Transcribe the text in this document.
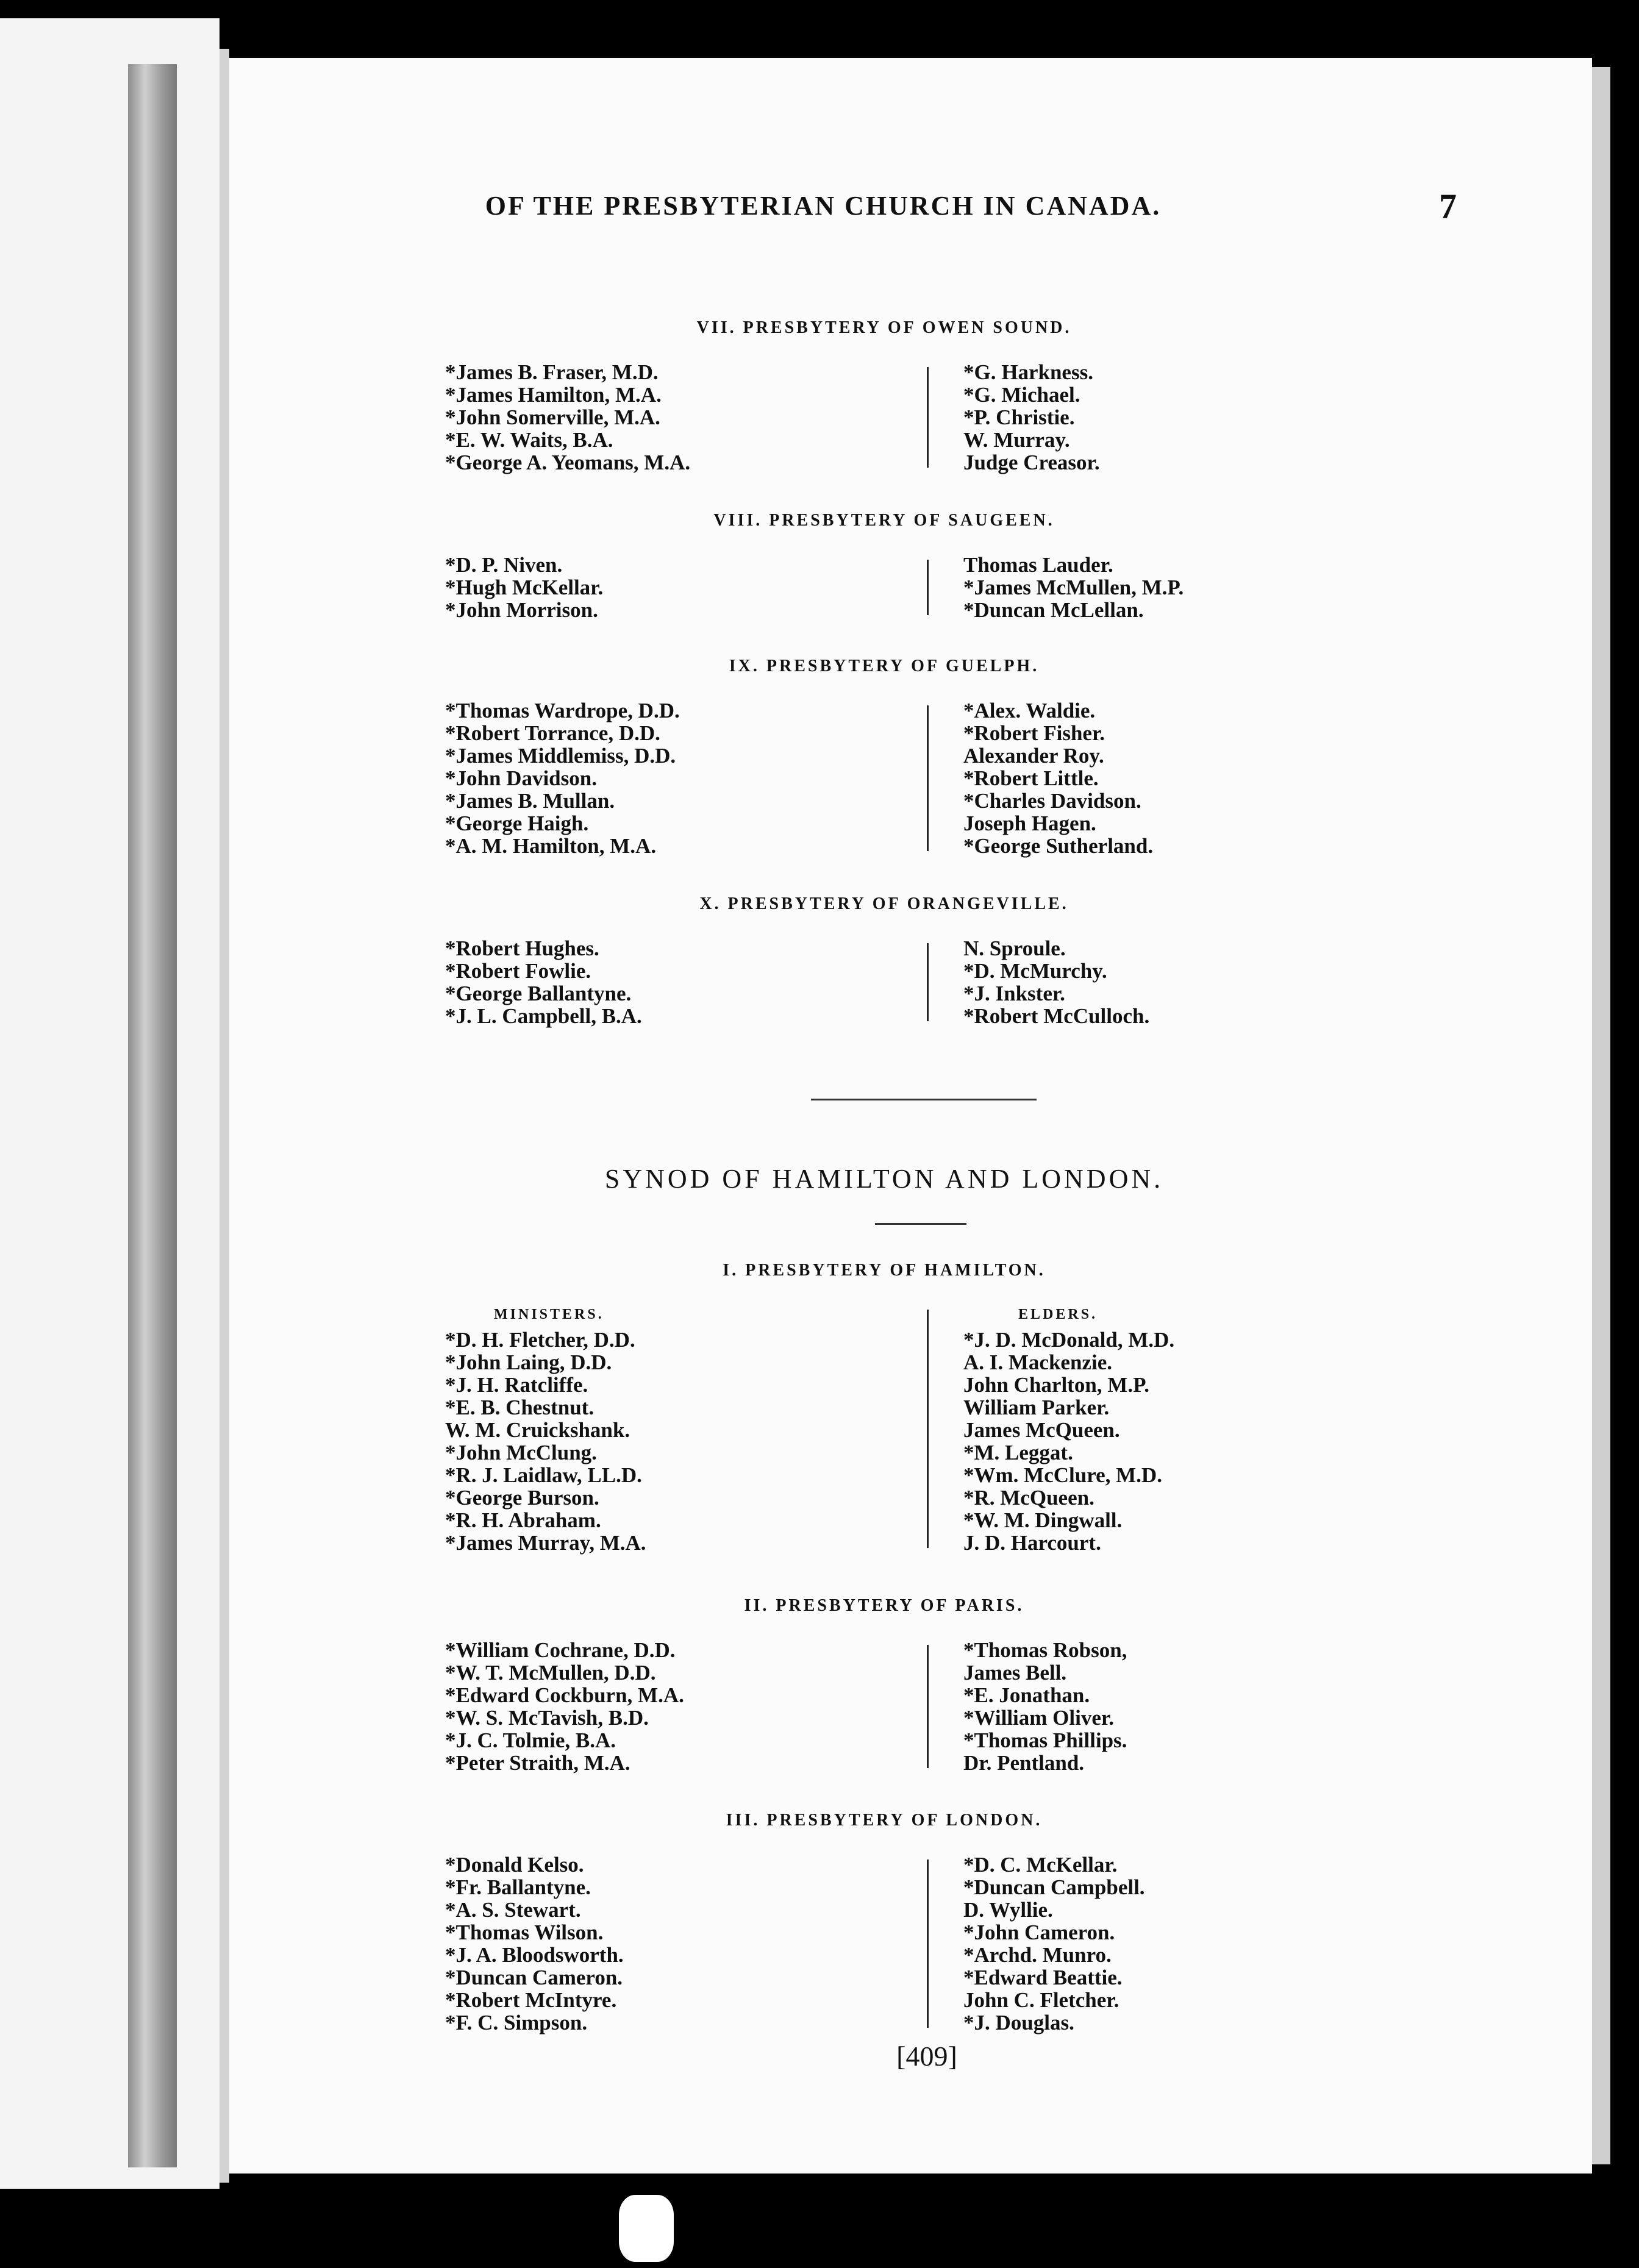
OF THE PRESBYTERIAN CHURCH IN CANADA.	7
VII. PRESBYTERY OF OWEN SOUND.
*James B. Fraser, M.D.
*James Hamilton, M.A.
*John Somerville, M.A.
*E. W. Waits, B.A.
*George A. Yeomans, M.A.
*G. Harkness.
*G. Michael.
*P. Christie.
W. Murray.
Judge Creasor.
VIII. PRESBYTERY OF SAUGEEN.
*D. P. Niven.
*Hugh McKellar.
*John Morrison.
Thomas Lauder.
*James McMullen, M.P.
*Duncan McLellan.
IX. PRESBYTERY OF GUELPH.
*Thomas Wardrope, D.D.
*Robert Torrance, D.D.
*James Middlemiss, D.D.
*John Davidson.
*James B. Mullan.
*George Haigh.
*A. M. Hamilton, M.A.
*Alex. Waldie.
*Robert Fisher.
Alexander Roy.
*Robert Little.
*Charles Davidson.
Joseph Hagen.
*George Sutherland.
X. PRESBYTERY OF ORANGEVILLE.
*Robert Hughes.
*Robert Fowlie.
*George Ballantyne.
*J. L. Campbell, B.A.
N. Sproule.
*D. McMurchy.
*J. Inkster.
*Robert McCulloch.
SYNOD OF HAMILTON AND LONDON.
I. PRESBYTERY OF HAMILTON.
MINISTERS.
*D. H. Fletcher, D.D.
*John Laing, D.D.
*J. H. Ratcliffe.
*E. B. Chestnut.
W. M. Cruickshank.
*John McClung.
*R. J. Laidlaw, LL.D.
*George Burson.
*R. H. Abraham.
*James Murray, M.A.
ELDERS.
*J. D. McDonald, M.D.
A. I. Mackenzie.
John Charlton, M.P.
William Parker.
James McQueen.
*M. Leggat.
*Wm. McClure, M.D.
*R. McQueen.
*W. M. Dingwall.
J. D. Harcourt.
II. PRESBYTERY OF PARIS.
*William Cochrane, D.D.
*W. T. McMullen, D.D.
*Edward Cockburn, M.A.
*W. S. McTavish, B.D.
*J. C. Tolmie, B.A.
*Peter Straith, M.A.
*Thomas Robson,
James Bell.
*E. Jonathan.
*William Oliver.
*Thomas Phillips.
Dr. Pentland.
III. PRESBYTERY OF LONDON.
*Donald Kelso.
*Fr. Ballantyne.
*A. S. Stewart.
*Thomas Wilson.
*J. A. Bloodsworth.
*Duncan Cameron.
*Robert McIntyre.
*F. C. Simpson.
*D. C. McKellar.
*Duncan Campbell.
D. Wyllie.
*John Cameron.
*Archd. Munro.
*Edward Beattie.
John C. Fletcher.
*J. Douglas.
[409]
